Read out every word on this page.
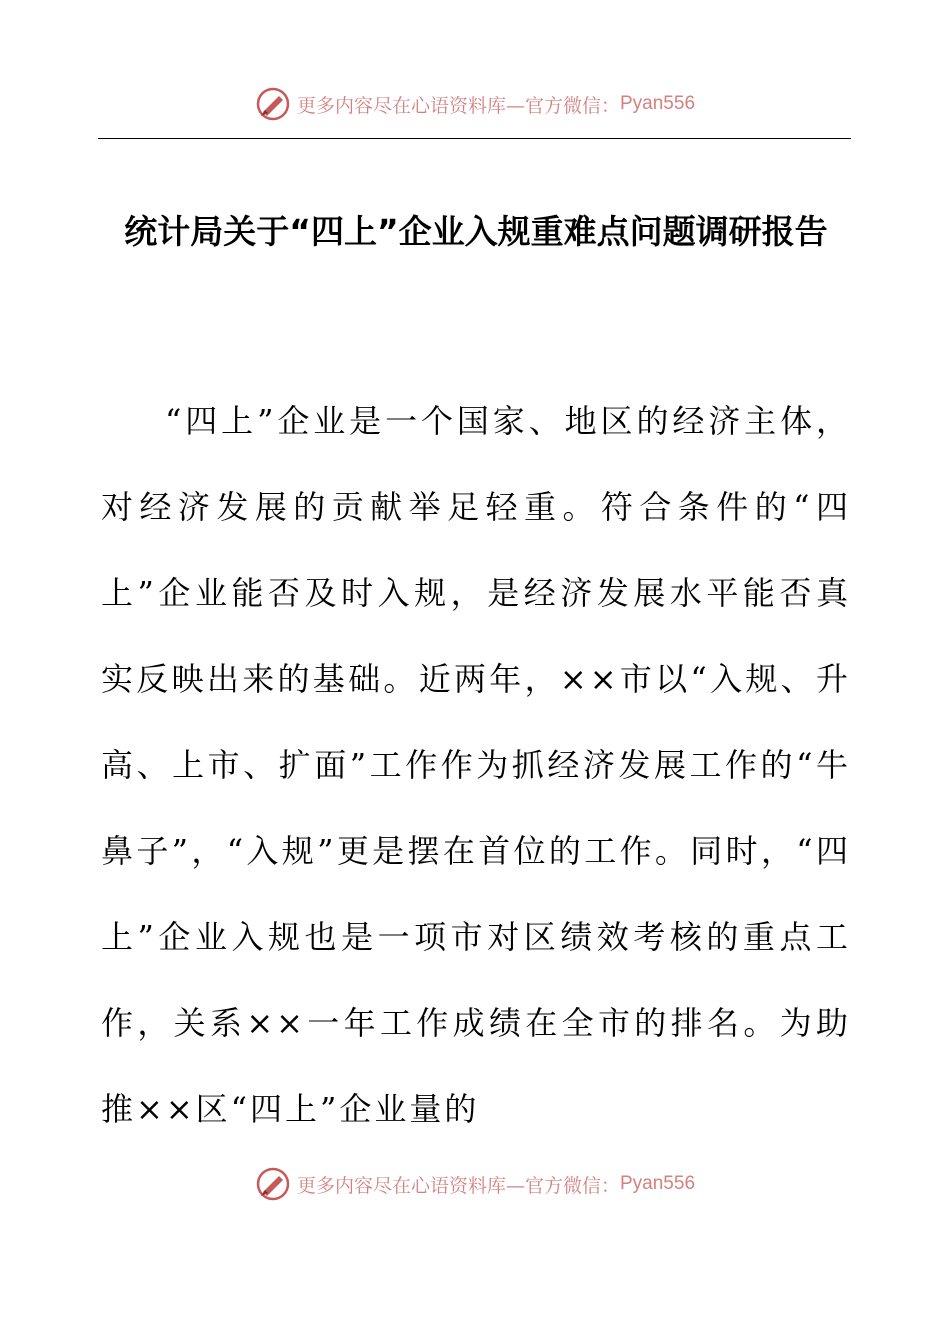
更多内容尽在心语资料库—官方微信： Pyan556
统计局关于“四上”企业入规重难点问题调研报告

“四上”企业是一个国家、地区的经济主体，对经济发展的贡献举足轻重。符合条件的“四上”企业能否及时入规，是经济发展水平能否真实反映出来的基础。近两年，××市以“入规、升高、上市、扩面”工作作为抓经济发展工作的“牛鼻子”，“入规”更是摆在首位的工作。同时，“四上”企业入规也是一项市对区绩效考核的重点工作，关系××一年工作成绩在全市的排名。为助推××区“四上”企业量的

更多内容尽在心语资料库—官方微信： Pyan556
